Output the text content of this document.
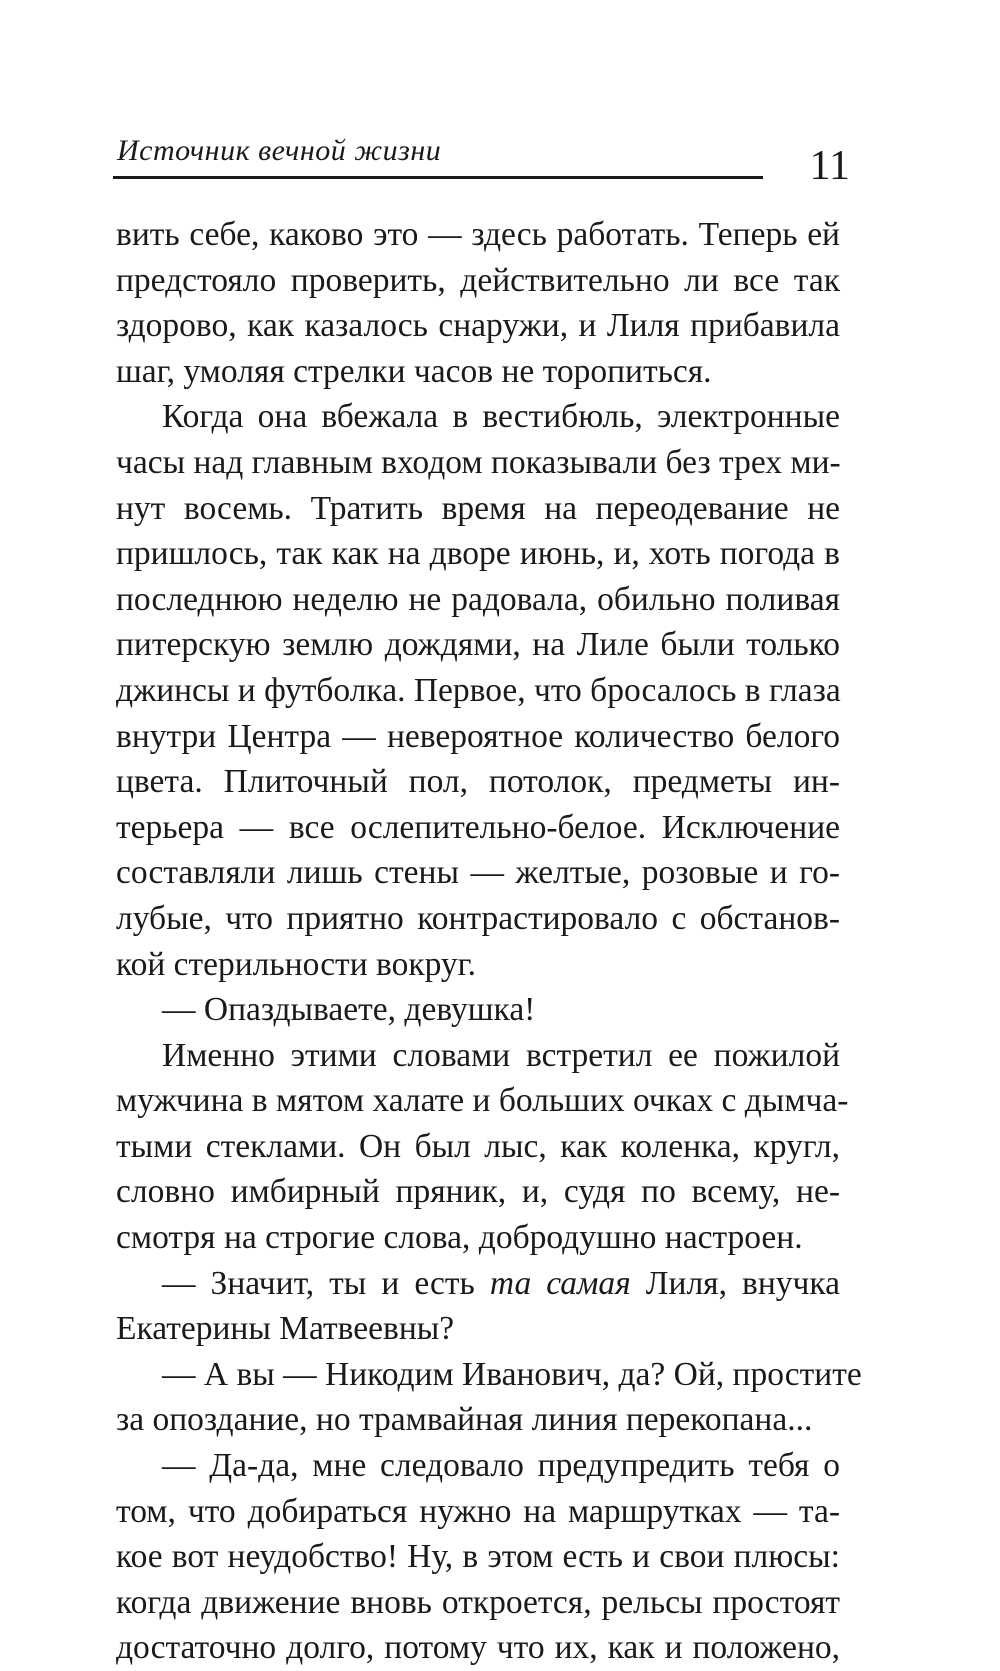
Источник вечной жизни	11
вить себе, каково это — здесь работать. Теперь ей
предстояло проверить, действительно ли все так
здорово, как казалось снаружи, и Лиля прибавила
шаг, умоляя стрелки часов не торопиться.
Когда она вбежала в вестибюль, электронные
часы над главным входом показывали без трех ми-
нут восемь. Тратить время на переодевание не
пришлось, так как на дворе июнь, и, хоть погода в
последнюю неделю не радовала, обильно поливая
питерскую землю дождями, на Лиле были только
джинсы и футболка. Первое, что бросалось в глаза
внутри Центра — невероятное количество белого
цвета. Плиточный пол, потолок, предметы ин-
терьера — все ослепительно-белое. Исключение
составляли лишь стены — желтые, розовые и го-
лубые, что приятно контрастировало с обстанов-
кой стерильности вокруг.
— Опаздываете, девушка!
Именно этими словами встретил ее пожилой
мужчина в мятом халате и больших очках с дымча-
тыми стеклами. Он был лыс, как коленка, кругл,
словно имбирный пряник, и, судя по всему, не-
смотря на строгие слова, добродушно настроен.
— Значит, ты и есть та самая Лиля, внучка
Екатерины Матвеевны?
— А вы — Никодим Иванович, да? Ой, простите
за опоздание, но трамвайная линия перекопана...
— Да-да, мне следовало предупредить тебя о
том, что добираться нужно на маршрутках — та-
кое вот неудобство! Ну, в этом есть и свои плюсы:
когда движение вновь откроется, рельсы простоят
достаточно долго, потому что их, как и положено,
